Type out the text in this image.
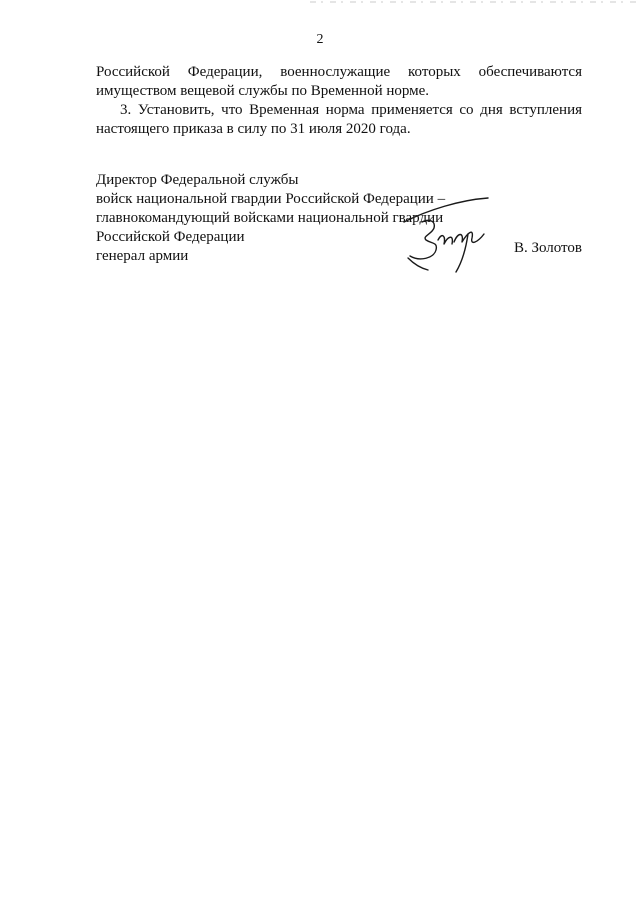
2

Российской Федерации, военнослужащие которых обеспечиваются

имуществом вещевой службы по Временной норме.

3. Установить, что Временная норма применяется со дня вступления

настоящего приказа в силу по 31 июля 2020 года.

Директор Федеральной службы
войск национальной гвардии Российской Федерации –
главнокомандующий войсками национальной гвардии
Российской Федерации
генерал армии	В. Золотов
